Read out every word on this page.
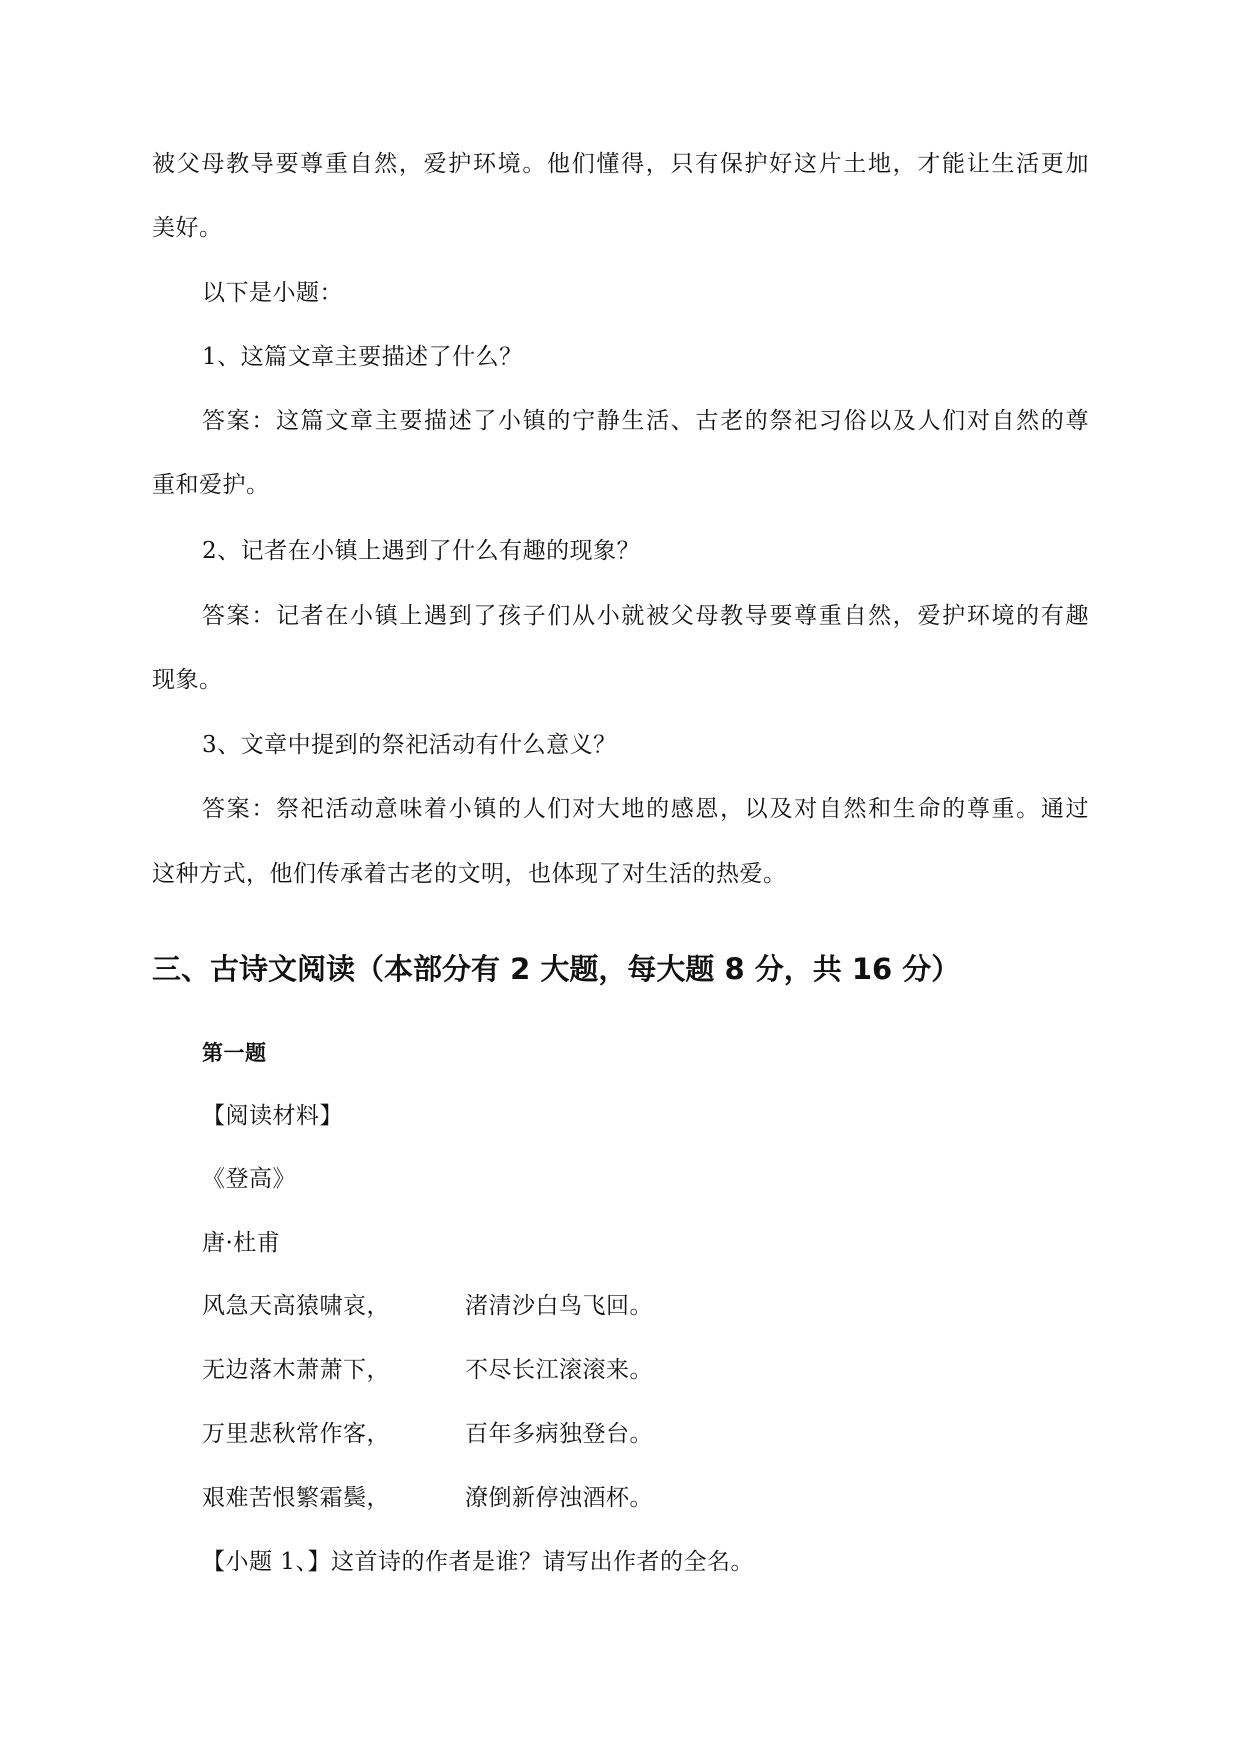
被父母教导要尊重自然，爱护环境。他们懂得，只有保护好这片土地，才能让生活更加
美好。
以下是小题：
1、这篇文章主要描述了什么？
答案：这篇文章主要描述了小镇的宁静生活、古老的祭祀习俗以及人们对自然的尊
重和爱护。
2、记者在小镇上遇到了什么有趣的现象？
答案：记者在小镇上遇到了孩子们从小就被父母教导要尊重自然，爱护环境的有趣
现象。
3、文章中提到的祭祀活动有什么意义？
答案：祭祀活动意味着小镇的人们对大地的感恩，以及对自然和生命的尊重。通过
这种方式，他们传承着古老的文明，也体现了对生活的热爱。
三、古诗文阅读（本部分有 2 大题，每大题 8 分，共 16 分）
第一题
【阅读材料】
《登高》
唐·杜甫
风急天高猿啸哀，	渚清沙白鸟飞回。
无边落木萧萧下，	不尽长江滚滚来。
万里悲秋常作客，	百年多病独登台。
艰难苦恨繁霜鬓，	潦倒新停浊酒杯。
【小题 1、】这首诗的作者是谁？请写出作者的全名。
